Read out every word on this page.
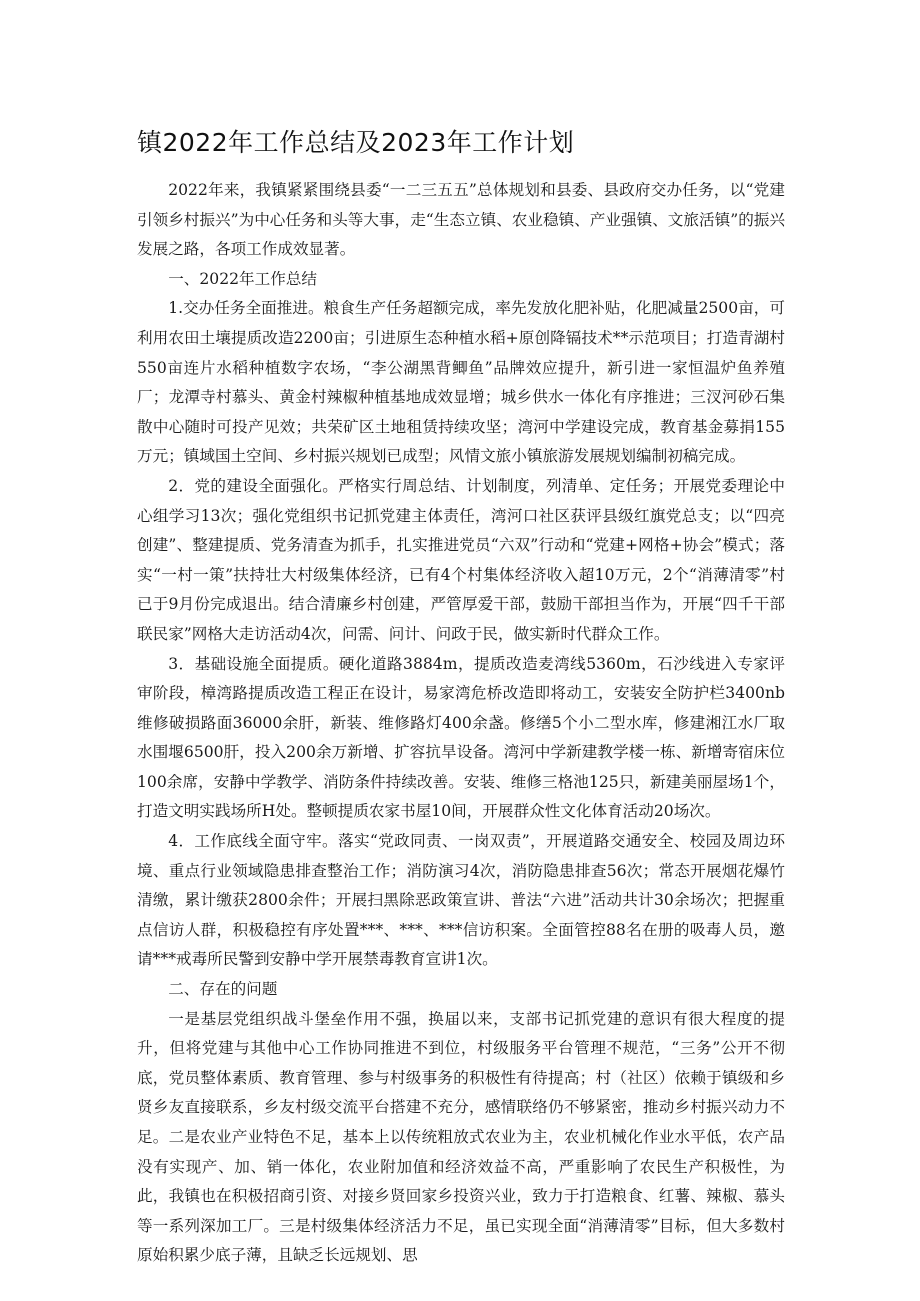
镇2022年工作总结及2023年工作计划

2022年来，我镇紧紧围绕县委“一二三五五”总体规划和县委、县政府交办任务，以“党建引领乡村振兴”为中心任务和头等大事，走“生态立镇、农业稳镇、产业强镇、文旅活镇”的振兴发展之路，各项工作成效显著。

一、2022年工作总结

1.交办任务全面推进。粮食生产任务超额完成，率先发放化肥补贴，化肥减量2500亩，可利用农田土壤提质改造2200亩；引进原生态种植水稻+原创降镉技术**示范项目；打造青湖村550亩连片水稻种植数字农场，“李公湖黑背鲫鱼”品牌效应提升，新引进一家恒温炉鱼养殖厂；龙潭寺村慕头、黄金村辣椒种植基地成效显增；城乡供水一体化有序推进；三汊河砂石集散中心随时可投产见效；共荣矿区土地租赁持续攻坚；湾河中学建设完成，教育基金募捐155万元；镇域国土空间、乡村振兴规划已成型；风情文旅小镇旅游发展规划编制初稿完成。

2．党的建设全面强化。严格实行周总结、计划制度，列清单、定任务；开展党委理论中心组学习13次；强化党组织书记抓党建主体责任，湾河口社区获评县级红旗党总支；以“四亮创建”、整建提质、党务清查为抓手，扎实推进党员“六双”行动和“党建+网格+协会”模式；落实“一村一策”扶持壮大村级集体经济，已有4个村集体经济收入超10万元，2个“消薄清零”村已于9月份完成退出。结合清廉乡村创建，严管厚爱干部，鼓励干部担当作为，开展“四千干部联民家”网格大走访活动4次，问需、问计、问政于民，做实新时代群众工作。

3．基础设施全面提质。硬化道路3884m，提质改造麦湾线5360m，石沙线进入专家评审阶段，樟湾路提质改造工程正在设计，易家湾危桥改造即将动工，安装安全防护栏3400nb维修破损路面36000余肝，新装、维修路灯400余盏。修缮5个小二型水库，修建湘江水厂取水围堰6500肝，投入200余万新增、扩容抗旱设备。湾河中学新建教学楼一栋、新增寄宿床位100余席，安静中学教学、消防条件持续改善。安装、维修三格池125只，新建美丽屋场1个，打造文明实践场所H处。整顿提质农家书屋10间，开展群众性文化体育活动20场次。

4．工作底线全面守牢。落实“党政同责、一岗双责”，开展道路交通安全、校园及周边环境、重点行业领域隐患排查整治工作；消防演习4次，消防隐患排查56次；常态开展烟花爆竹清缴，累计缴获2800余件；开展扫黑除恶政策宣讲、普法“六进”活动共计30余场次；把握重点信访人群，积极稳控有序处置***、***、***信访积案。全面管控88名在册的吸毒人员，邀请***戒毒所民警到安静中学开展禁毒教育宣讲1次。

二、存在的问题

一是基层党组织战斗堡垒作用不强，换届以来，支部书记抓党建的意识有很大程度的提升，但将党建与其他中心工作协同推进不到位，村级服务平台管理不规范，“三务”公开不彻底，党员整体素质、教育管理、参与村级事务的积极性有待提高；村（社区）依赖于镇级和乡贤乡友直接联系，乡友村级交流平台搭建不充分，感情联络仍不够紧密，推动乡村振兴动力不足。二是农业产业特色不足，基本上以传统粗放式农业为主，农业机械化作业水平低，农产品没有实现产、加、销一体化，农业附加值和经济效益不高，严重影响了农民生产积极性，为此，我镇也在积极招商引资、对接乡贤回家乡投资兴业，致力于打造粮食、红薯、辣椒、慕头等一系列深加工厂。三是村级集体经济活力不足，虽已实现全面“消薄清零”目标，但大多数村原始积累少底子薄，且缺乏长远规划、思
